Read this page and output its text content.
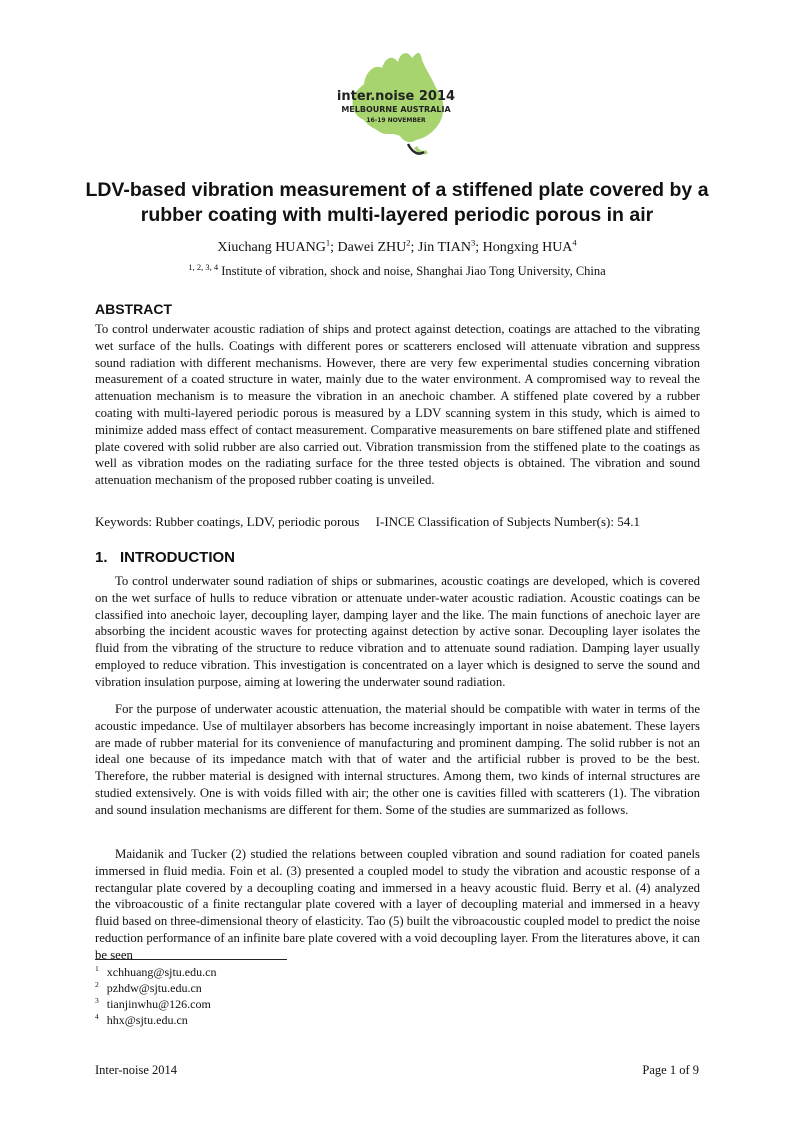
inter.noise 2014
MELBOURNE AUSTRALIA
16-19 NOVEMBER
LDV-based vibration measurement of a stiffened plate covered by a
rubber coating with multi-layered periodic porous in air
Xiuchang HUANG$^1$; Dawei ZHU$^2$; Jin TIAN$^3$; Hongxing HUA$^4$
$^{1, 2, 3, 4}$ Institute of vibration, shock and noise, Shanghai Jiao Tong University, China
ABSTRACT
To control underwater acoustic radiation of ships and protect against detection, coatings are attached to the vibrating wet surface of the hulls. Coatings with different pores or scatterers enclosed will attenuate vibration and suppress sound radiation with different mechanisms. However, there are very few experimental studies concerning vibration measurement of a coated structure in water, mainly due to the water environment. A compromised way to reveal the attenuation mechanism is to measure the vibration in an anechoic chamber. A stiffened plate covered by a rubber coating with multi-layered periodic porous is measured by a LDV scanning system in this study, which is aimed to minimize added mass effect of contact measurement. Comparative measurements on bare stiffened plate and stiffened plate covered with solid rubber are also carried out. Vibration transmission from the stiffened plate to the coatings as well as vibration modes on the radiating surface for the three tested objects is obtained. The vibration and sound attenuation mechanism of the proposed rubber coating is unveiled.
Keywords: Rubber coatings, LDV, periodic porous I-INCE Classification of Subjects Number(s): 54.1
1.   INTRODUCTION
To control underwater sound radiation of ships or submarines, acoustic coatings are developed, which is covered on the wet surface of hulls to reduce vibration or attenuate under-water acoustic radiation. Acoustic coatings can be classified into anechoic layer, decoupling layer, damping layer and the like. The main functions of anechoic layer are absorbing the incident acoustic waves for protecting against detection by active sonar. Decoupling layer isolates the fluid from the vibrating of the structure to reduce vibration and to attenuate sound radiation. Damping layer usually employed to reduce vibration. This investigation is concentrated on a layer which is designed to serve the sound and vibration insulation purpose, aiming at lowering the underwater sound radiation.
For the purpose of underwater acoustic attenuation, the material should be compatible with water in terms of the acoustic impedance. Use of multilayer absorbers has become increasingly important in noise abatement. These layers are made of rubber material for its convenience of manufacturing and prominent damping. The solid rubber is not an ideal one because of its impedance match with that of water and the artificial rubber is proved to be the best. Therefore, the rubber material is designed with internal structures. Among them, two kinds of internal structures are studied extensively. One is with voids filled with air; the other one is cavities filled with scatterers (1). The vibration and sound insulation mechanisms are different for them. Some of the studies are summarized as follows.
Maidanik and Tucker (2) studied the relations between coupled vibration and sound radiation for coated panels immersed in fluid media. Foin et al. (3) presented a coupled model to study the vibration and acoustic response of a rectangular plate covered by a decoupling coating and immersed in a heavy acoustic fluid. Berry et al. (4) analyzed the vibroacoustic of a finite rectangular plate covered with a layer of decoupling material and immersed in a heavy fluid based on three-dimensional theory of elasticity. Tao (5) built the vibroacoustic coupled model to predict the noise reduction performance of an infinite bare plate covered with a void decoupling layer. From the literatures above, it can be seen
$^1$ xchhuang@sjtu.edu.cn
$^2$ pzhdw@sjtu.edu.cn
$^3$ tianjinwhu@126.com
$^4$ hhx@sjtu.edu.cn
Inter-noise 2014	Page 1 of 9
